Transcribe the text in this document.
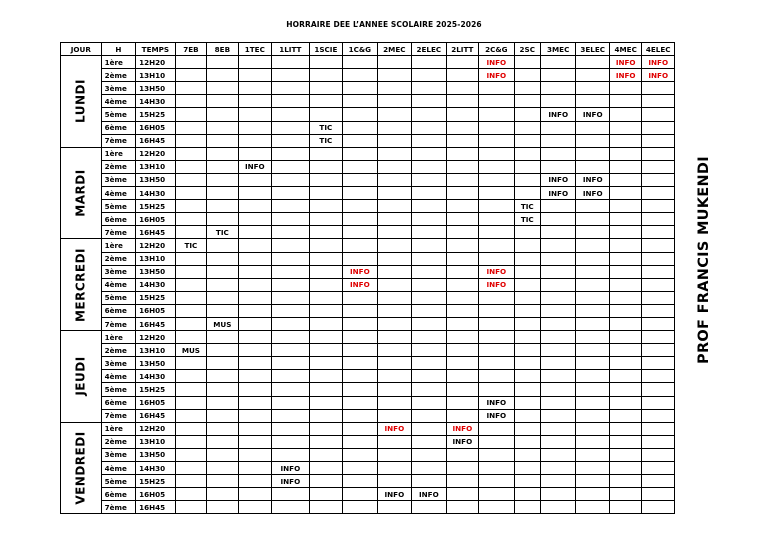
HORRAIRE DEE L’ANNEE SCOLAIRE 2025-2026
JOUR	H	TEMPS	7EB	8EB	1TEC	1LITT	1SCIE	1C&G	2MEC	2ELEC	2LITT	2C&G	2SC	3MEC	3ELEC	4MEC	4ELEC

LUNDI	1ère	12H20										INFO				INFO	INFO
	2ème	13H10										INFO				INFO	INFO
	3ème	13H50															
	4ème	14H30															
	5ème	15H25												INFO	INFO		
	6ème	16H05					TIC										
	7ème	16H45					TIC										

MARDI	1ère	12H20															
	2ème	13H10			INFO												
	3ème	13H50												INFO	INFO		
	4ème	14H30												INFO	INFO		
	5ème	15H25											TIC				
	6ème	16H05											TIC				
	7ème	16H45		TIC													

MERCREDI	1ère	12H20	TIC														
	2ème	13H10															
	3ème	13H50						INFO				INFO					
	4ème	14H30						INFO				INFO					
	5ème	15H25															
	6ème	16H05															
	7ème	16H45		MUS													

JEUDI	1ère	12H20															
	2ème	13H10	MUS														
	3ème	13H50															
	4ème	14H30															
	5ème	15H25															
	6ème	16H05										INFO					
	7ème	16H45										INFO					

VENDREDI	1ère	12H20							INFO		INFO						
	2ème	13H10									INFO						
	3ème	13H50															
	4ème	14H30				INFO											
	5ème	15H25				INFO											
	6ème	16H05							INFO	INFO							
	7ème	16H45															
PROF FRANCIS MUKENDI
